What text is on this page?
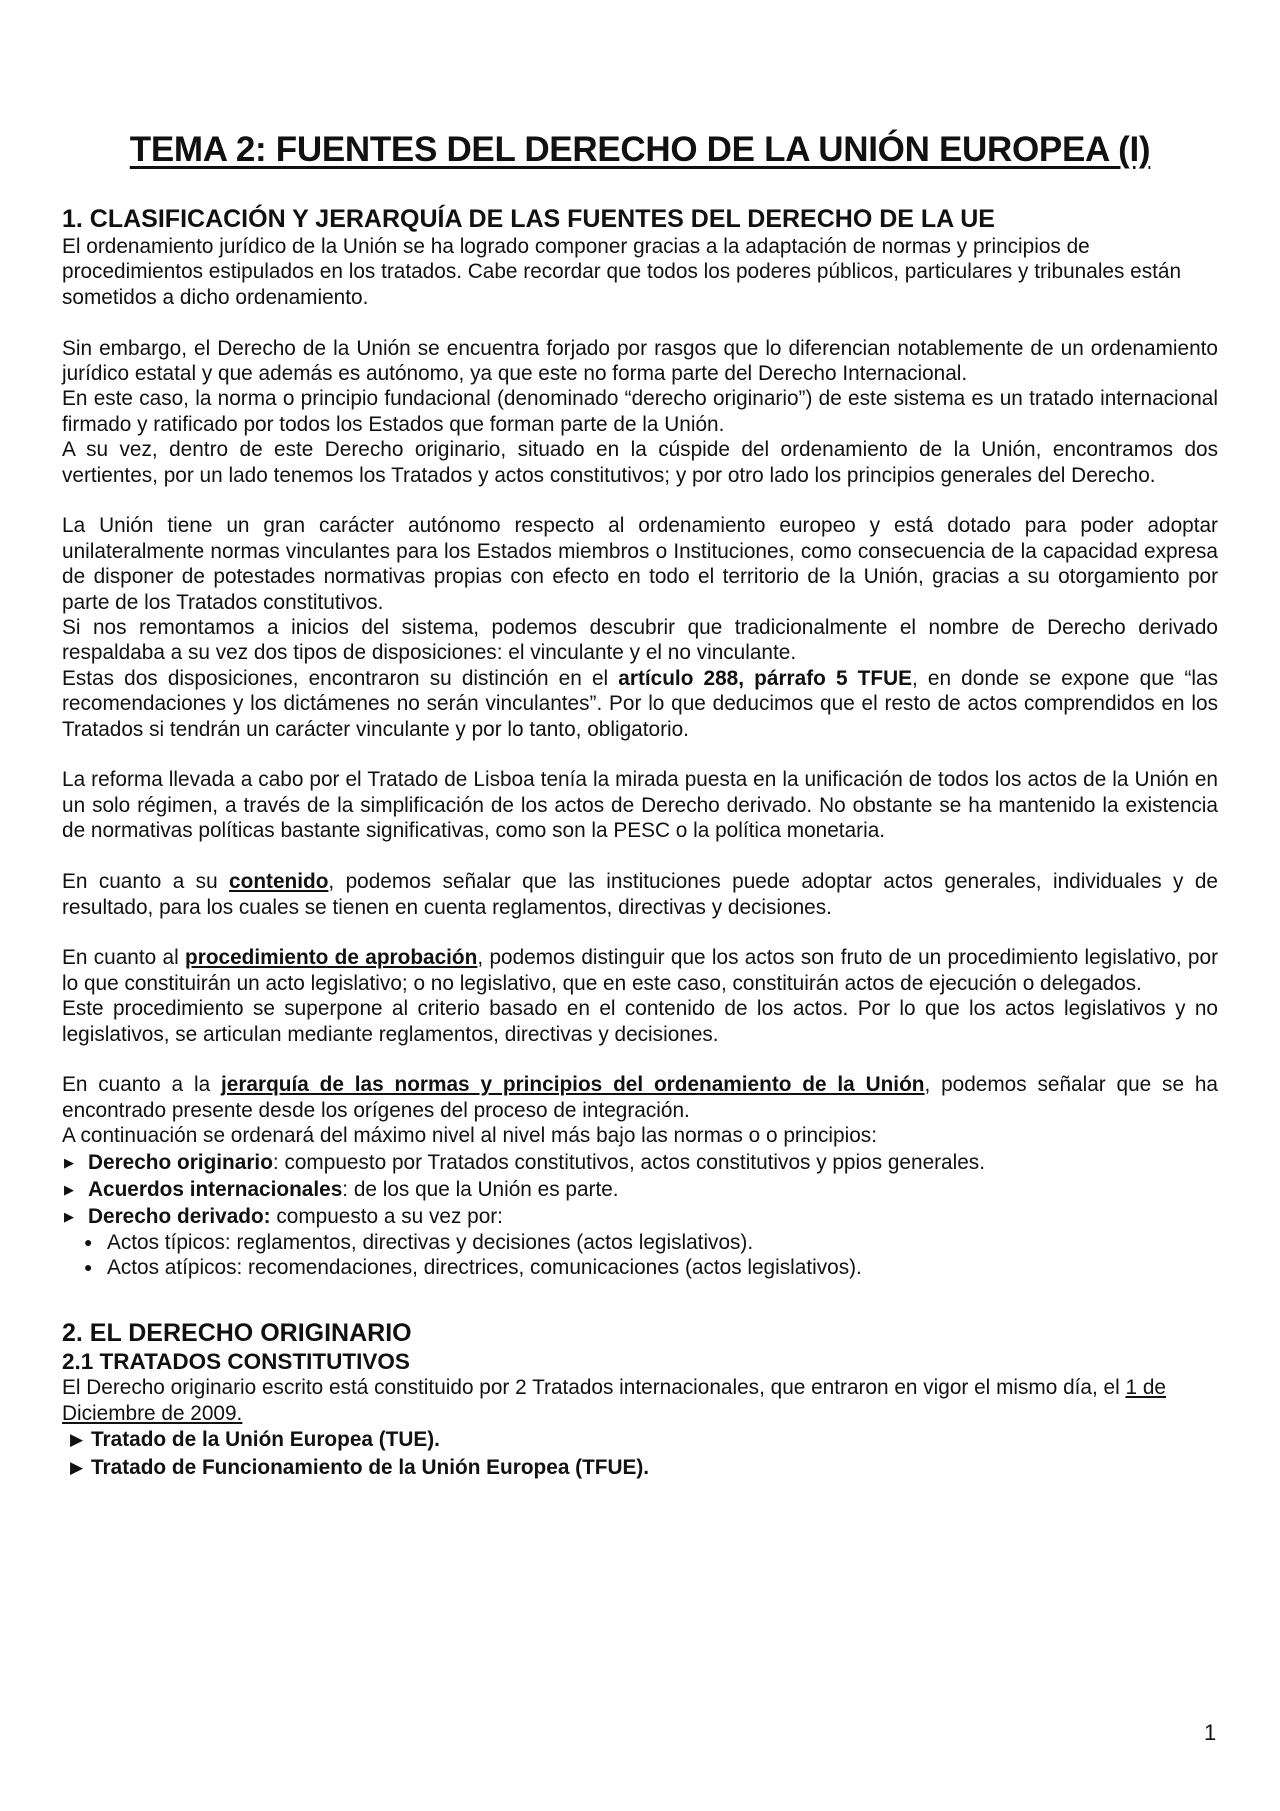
TEMA 2: FUENTES DEL DERECHO DE LA UNIÓN EUROPEA (I)
1. CLASIFICACIÓN Y JERARQUÍA DE LAS FUENTES DEL DERECHO DE LA UE

El ordenamiento jurídico de la Unión se ha logrado componer gracias a la adaptación de normas y principios de procedimientos estipulados en los tratados. Cabe recordar que todos los poderes públicos, particulares y tribunales están sometidos a dicho ordenamiento.

Sin embargo, el Derecho de la Unión se encuentra forjado por rasgos que lo diferencian notablemente de un ordenamiento jurídico estatal y que además es autónomo, ya que este no forma parte del Derecho Internacional.

En este caso, la norma o principio fundacional (denominado “derecho originario”) de este sistema es un tratado internacional firmado y ratificado por todos los Estados que forman parte de la Unión.

A su vez, dentro de este Derecho originario, situado en la cúspide del ordenamiento de la Unión, encontramos dos vertientes, por un lado tenemos los Tratados y actos constitutivos; y por otro lado los principios generales del Derecho.

La Unión tiene un gran carácter autónomo respecto al ordenamiento europeo y está dotado para poder adoptar unilateralmente normas vinculantes para los Estados miembros o Instituciones, como consecuencia de la capacidad expresa de disponer de potestades normativas propias con efecto en todo el territorio de la Unión, gracias a su otorgamiento por parte de los Tratados constitutivos.

Si nos remontamos a inicios del sistema, podemos descubrir que tradicionalmente el nombre de Derecho derivado respaldaba a su vez dos tipos de disposiciones: el vinculante y el no vinculante.

Estas dos disposiciones, encontraron su distinción en el artículo 288, párrafo 5 TFUE, en donde se expone que “las recomendaciones y los dictámenes no serán vinculantes”. Por lo que deducimos que el resto de actos comprendidos en los Tratados si tendrán un carácter vinculante y por lo tanto, obligatorio.

La reforma llevada a cabo por el Tratado de Lisboa tenía la mirada puesta en la unificación de todos los actos de la Unión en un solo régimen, a través de la simplificación de los actos de Derecho derivado. No obstante se ha mantenido la existencia de normativas políticas bastante significativas, como son la PESC o la política monetaria.

En cuanto a su contenido, podemos señalar que las instituciones puede adoptar actos generales, individuales y de resultado, para los cuales se tienen en cuenta reglamentos, directivas y decisiones.

En cuanto al procedimiento de aprobación, podemos distinguir que los actos son fruto de un procedimiento legislativo, por lo que constituirán un acto legislativo; o no legislativo, que en este caso, constituirán actos de ejecución o delegados.

Este procedimiento se superpone al criterio basado en el contenido de los actos. Por lo que los actos legislativos y no legislativos, se articulan mediante reglamentos, directivas y decisiones.

En cuanto a la jerarquía de las normas y principios del ordenamiento de la Unión, podemos señalar que se ha encontrado presente desde los orígenes del proceso de integración.

A continuación se ordenará del máximo nivel al nivel más bajo las normas o o principios:

▶ Derecho originario: compuesto por Tratados constitutivos, actos constitutivos y ppios generales.
▶ Acuerdos internacionales: de los que la Unión es parte.
▶ Derecho derivado: compuesto a su vez por:
● Actos típicos: reglamentos, directivas y decisiones (actos legislativos).
● Actos atípicos: recomendaciones, directrices, comunicaciones (actos legislativos).
2. EL DERECHO ORIGINARIO
2.1 TRATADOS CONSTITUTIVOS

El Derecho originario escrito está constituido por 2 Tratados internacionales, que entraron en vigor el mismo día, el 1 de Diciembre de 2009.

▶ Tratado de la Unión Europea (TUE).
▶ Tratado de Funcionamiento de la Unión Europea (TFUE).
1
